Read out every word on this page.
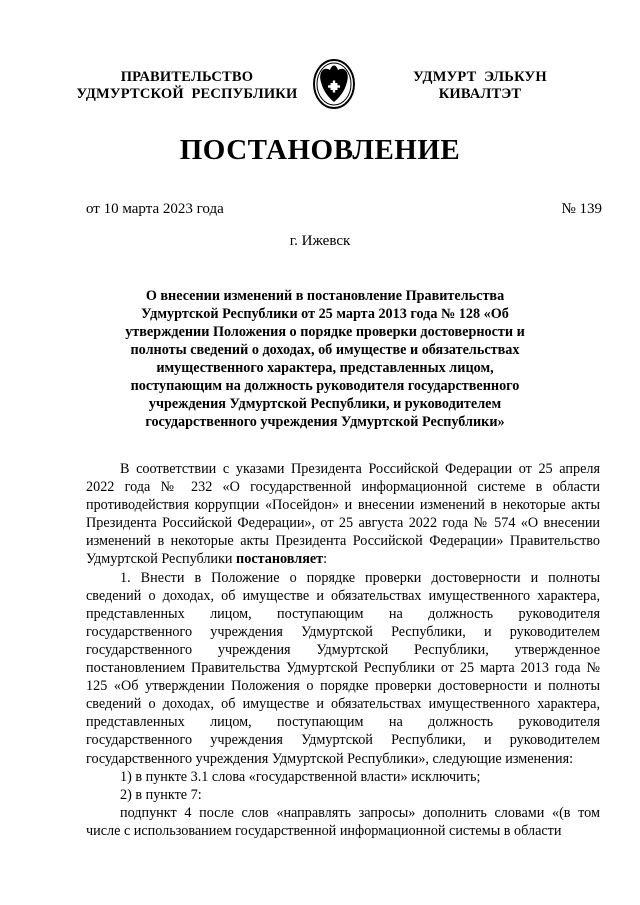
ПРАВИТЕЛЬСТВО
УДМУРТСКОЙ  РЕСПУБЛИКИ
УДМУРТ  ЭЛЬКУН
КИВАЛТЭТ
ПОСТАНОВЛЕНИЕ
от 10 марта 2023 года	№ 139
г. Ижевск
О внесении изменений в постановление Правительства Удмуртской Республики от 25 марта 2013 года № 128 «Об утверждении Положения о порядке проверки достоверности и полноты сведений о доходах, об имуществе и обязательствах имущественного характера, представленных лицом, поступающим на должность руководителя государственного учреждения Удмуртской Республики, и руководителем государственного учреждения Удмуртской Республики»

В соответствии с указами Президента Российской Федерации от 25 апреля 2022 года № 232 «О государственной информационной системе в области противодействия коррупции «Посейдон» и внесении изменений в некоторые акты Президента Российской Федерации», от 25 августа 2022 года № 574 «О внесении изменений в некоторые акты Президента Российской Федерации» Правительство Удмуртской Республики постановляет:

1. Внести в Положение о порядке проверки достоверности и полноты сведений о доходах, об имуществе и обязательствах имущественного характера, представленных лицом, поступающим на должность руководителя государственного учреждения Удмуртской Республики, и руководителем государственного учреждения Удмуртской Республики, утвержденное постановлением Правительства Удмуртской Республики от 25 марта 2013 года № 125 «Об утверждении Положения о порядке проверки достоверности и полноты сведений о доходах, об имуществе и обязательствах имущественного характера, представленных лицом, поступающим на должность руководителя государственного учреждения Удмуртской Республики, и руководителем государственного учреждения Удмуртской Республики», следующие изменения:

1) в пункте 3.1 слова «государственной власти» исключить;

2) в пункте 7:

подпункт 4 после слов «направлять запросы» дополнить словами «(в том числе с использованием государственной информационной системы в области
